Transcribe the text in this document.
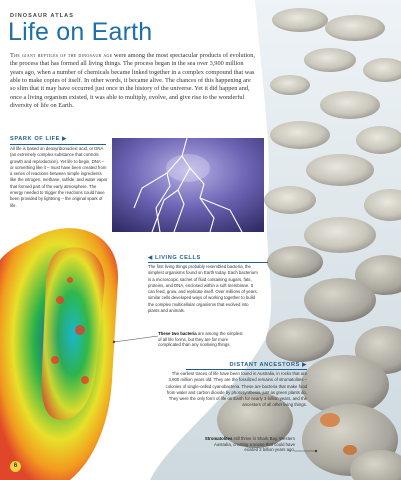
DINOSAUR ATLAS
Life on Earth

The giant reptiles of the dinosaur age were among the most spectacular products of evolution, the process that has formed all living things. The process began in the sea over 3,900 million years ago, when a number of chemicals became linked together in a complex compound that was able to make copies of itself. In other words, it became alive. The chances of this happening are so slim that it may have occurred just once in the history of the universe. Yet it did happen and, once a living organism existed, it was able to multiply, evolve, and give rise to the wonderful diversity of life on Earth.

SPARK OF LIFE ▶

All life is based on deoxyribonucleic acid, or DNA (an extremely complex substance that controls growth and reproduction). Yet life to begin, DNA – or something like it – must have been created from a series of reactions between simple ingredients like the nitrogen, methane, sulfide, and water vapor that formed part of the early atmosphere. The energy needed to trigger the reactions could have been provided by lightning – the original spark of life.

◀ LIVING CELLS

The first living things probably resembled bacteria, the simplest organisms found on Earth today. Each bacterium is a microscopic sachet of fluid containing sugars, fats, proteins, and DNA, enclosed within a soft membrane. It can feed, grow, and replicate itself. Over millions of years, similar cells developed ways of working together to build the complex multicellular organisms that evolved into plants and animals.

These two bacteria are among the simplest of all life forms, but they are far more complicated than any nonliving things.

DISTANT ANCESTORS ▶

The earliest traces of life have been found in Australia, in rocks that are 3,900 million years old. They are the fossilized remains of stromatolites – colonies of single-celled cyanobacteria. These are bacteria that make food from water and carbon dioxide by photosynthesis, just as green plants do. They were the only form of life on Earth for nearly 3 billion years, and the ancestors of all other living things.

Stromatolites still thrive in Shark Bay, Western Australia, creating a scene that could have existed 3 billion years ago.

6
